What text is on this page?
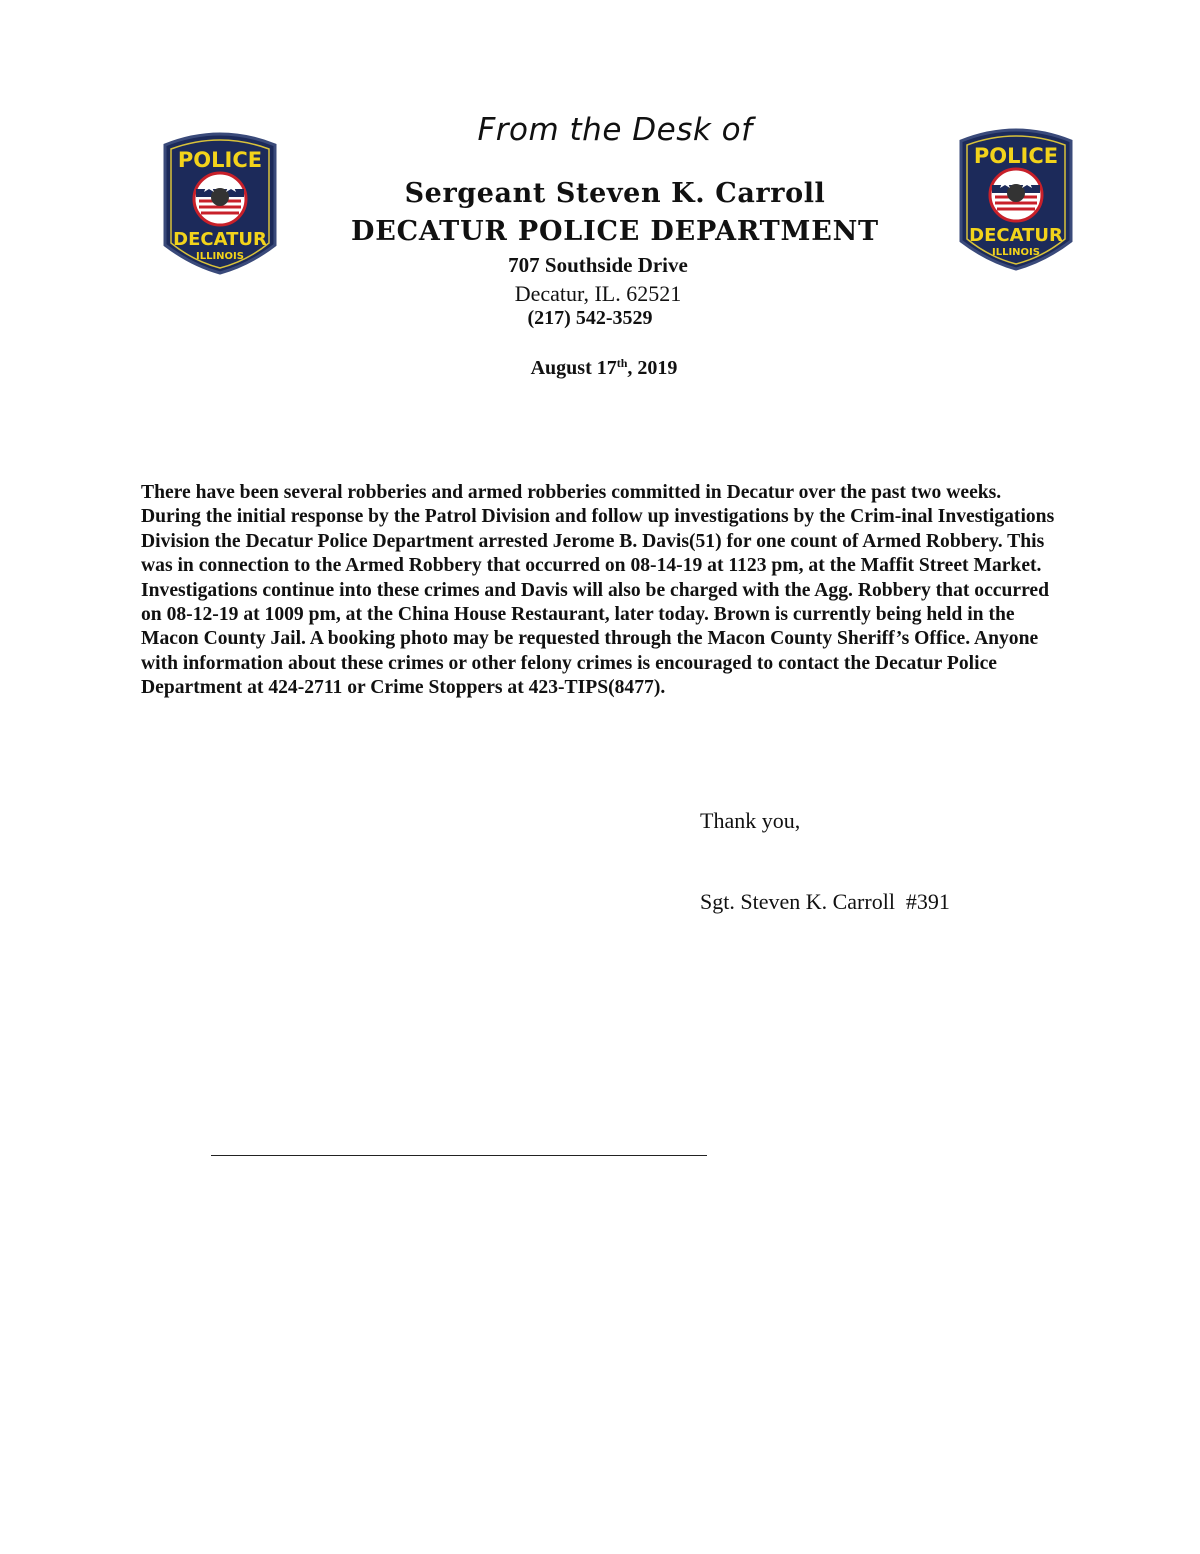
POLICE
DECATUR
ILLINOIS
POLICE
DECATUR
ILLINOIS
From the Desk of
Sergeant Steven K. Carroll
DECATUR POLICE DEPARTMENT
707 Southside Drive
Decatur, IL. 62521
(217) 542-3529
August 17th, 2019

There have been several robberies and armed robberies committed in Decatur over the past two weeks. During the initial response by the Patrol Division and follow up investigations by the Crim-inal Investigations Division the Decatur Police Department arrested Jerome B. Davis(51) for one count of Armed Robbery. This was in connection to the Armed Robbery that occurred on 08-14-19 at 1123 pm, at the Maffit Street Market. Investigations continue into these crimes and Davis will also be charged with the Agg. Robbery that occurred on 08-12-19 at 1009 pm, at the China House Restaurant, later today. Brown is currently being held in the Macon County Jail. A booking photo may be requested through the Macon County Sheriff’s Office. Anyone with information about these crimes or other felony crimes is encouraged to contact the Decatur Police Department at 424-2711 or Crime Stoppers at 423-TIPS(8477).

Thank you,
Sgt. Steven K. Carroll  #391
